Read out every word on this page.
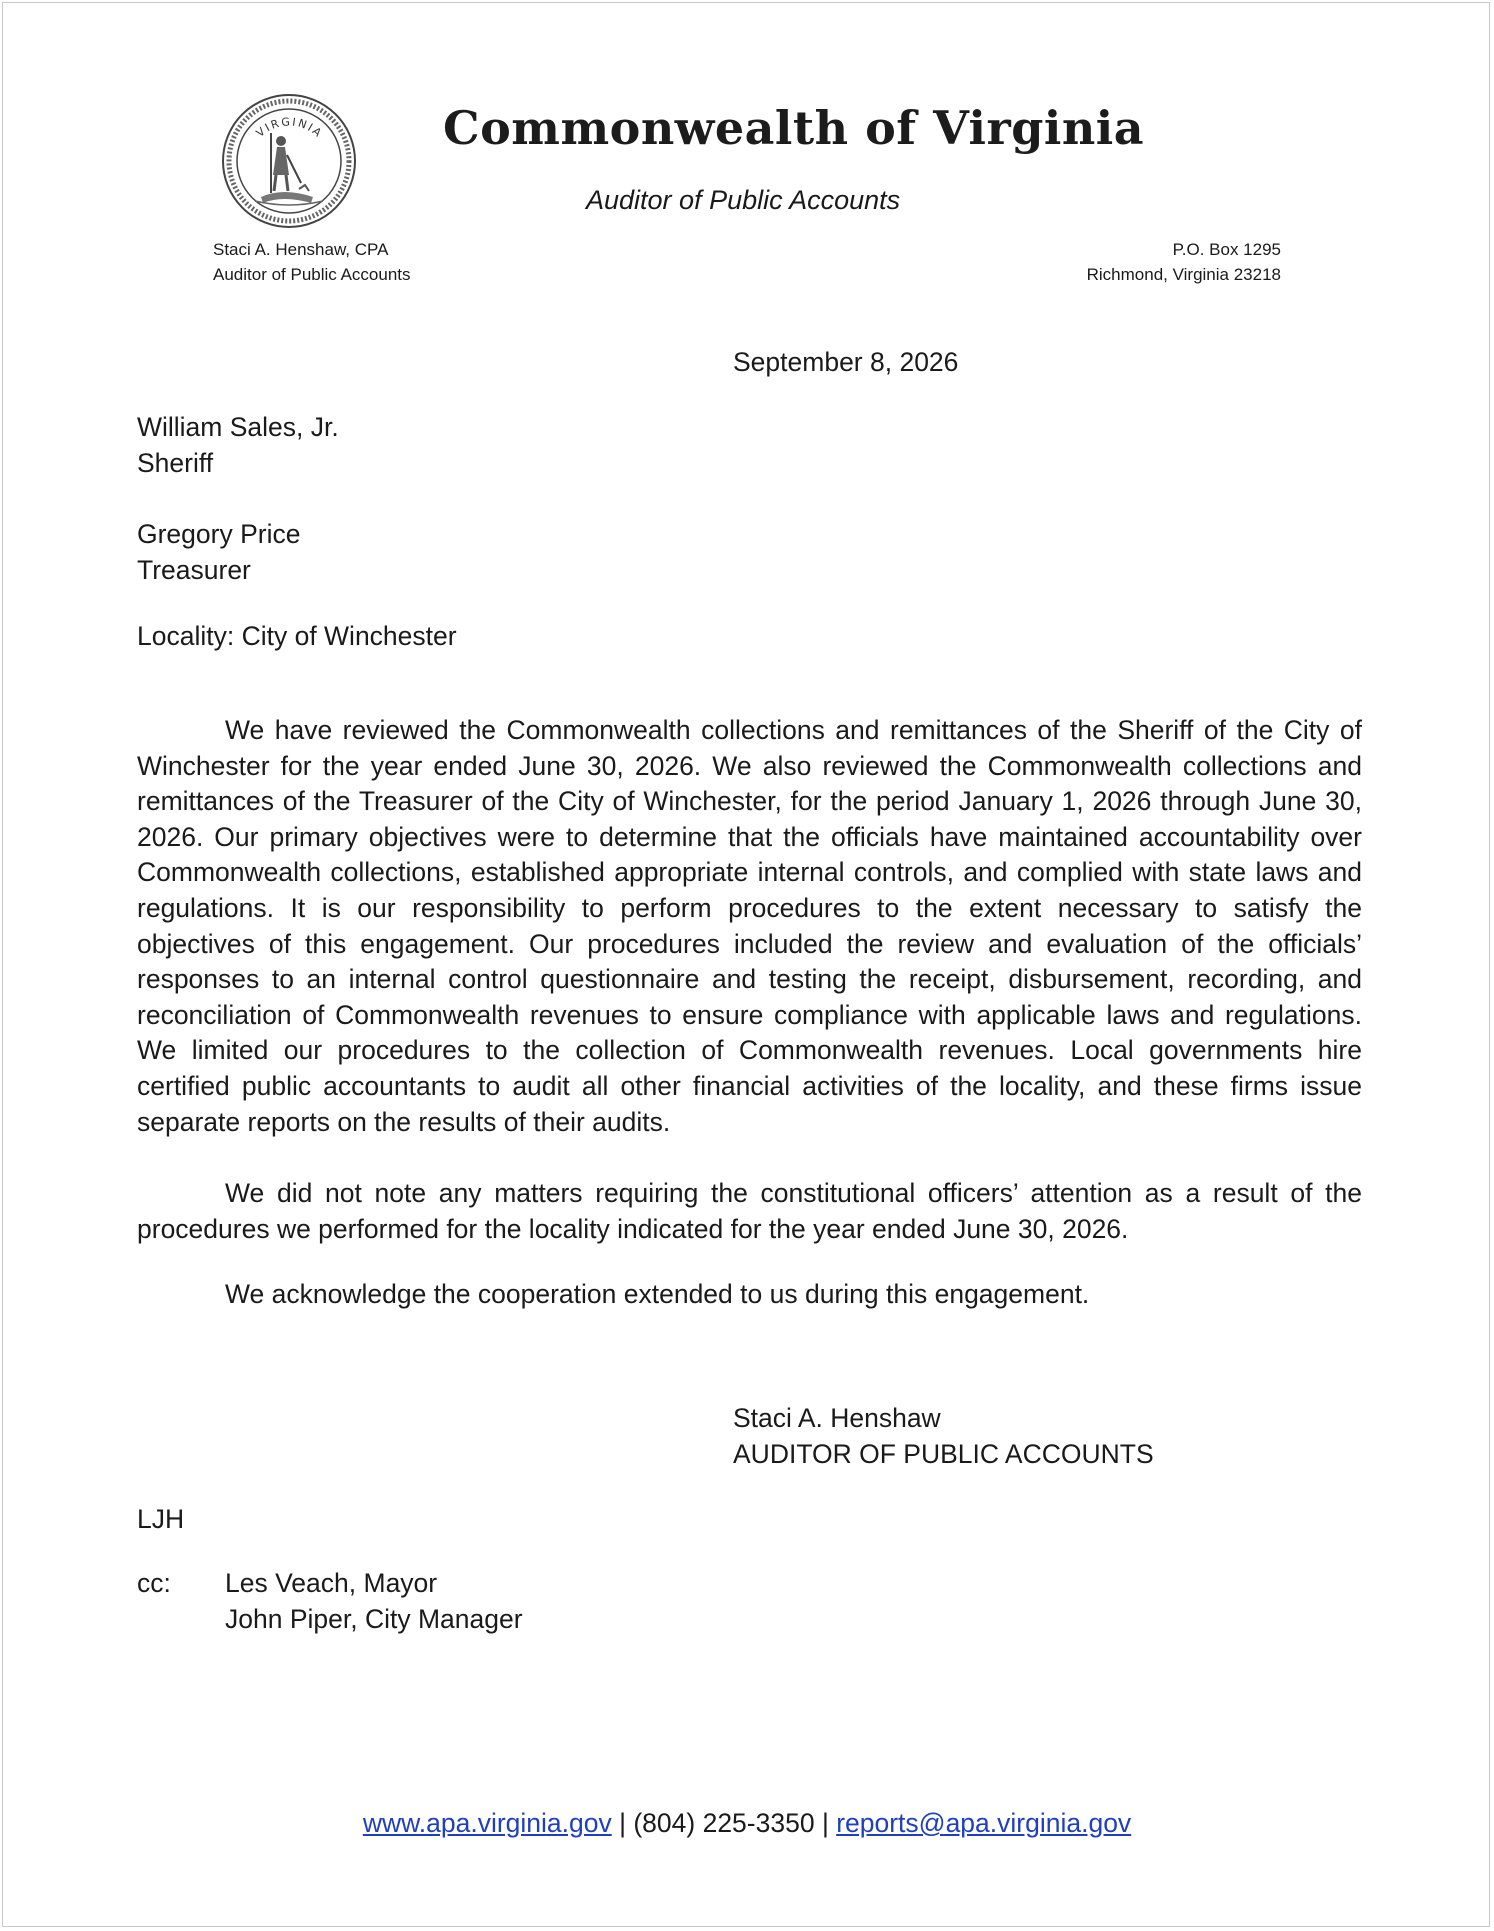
VIRGINIA	Commonwealth of Virginia
Auditor of Public Accounts
Staci A. Henshaw, CPA
Auditor of Public Accounts
P.O. Box 1295
Richmond, Virginia 23218
September 8, 2026
William Sales, Jr.
Sheriff
Gregory Price
Treasurer
Locality: City of Winchester
We have reviewed the Commonwealth collections and remittances of the Sheriff of the City of
Winchester for the year ended June 30, 2026. We also reviewed the Commonwealth collections and
remittances of the Treasurer of the City of Winchester, for the period January 1, 2026 through June 30,
2026. Our primary objectives were to determine that the officials have maintained accountability over
Commonwealth collections, established appropriate internal controls, and complied with state laws and
regulations. It is our responsibility to perform procedures to the extent necessary to satisfy the
objectives of this engagement. Our procedures included the review and evaluation of the officials’
responses to an internal control questionnaire and testing the receipt, disbursement, recording, and
reconciliation of Commonwealth revenues to ensure compliance with applicable laws and regulations.
We limited our procedures to the collection of Commonwealth revenues. Local governments hire
certified public accountants to audit all other financial activities of the locality, and these firms issue
separate reports on the results of their audits.
We did not note any matters requiring the constitutional officers’ attention as a result of the
procedures we performed for the locality indicated for the year ended June 30, 2026.
We acknowledge the cooperation extended to us during this engagement.
Staci A. Henshaw
AUDITOR OF PUBLIC ACCOUNTS
LJH
cc: Les Veach, Mayor
John Piper, City Manager
www.apa.virginia.gov | (804) 225-3350 | reports@apa.virginia.gov
